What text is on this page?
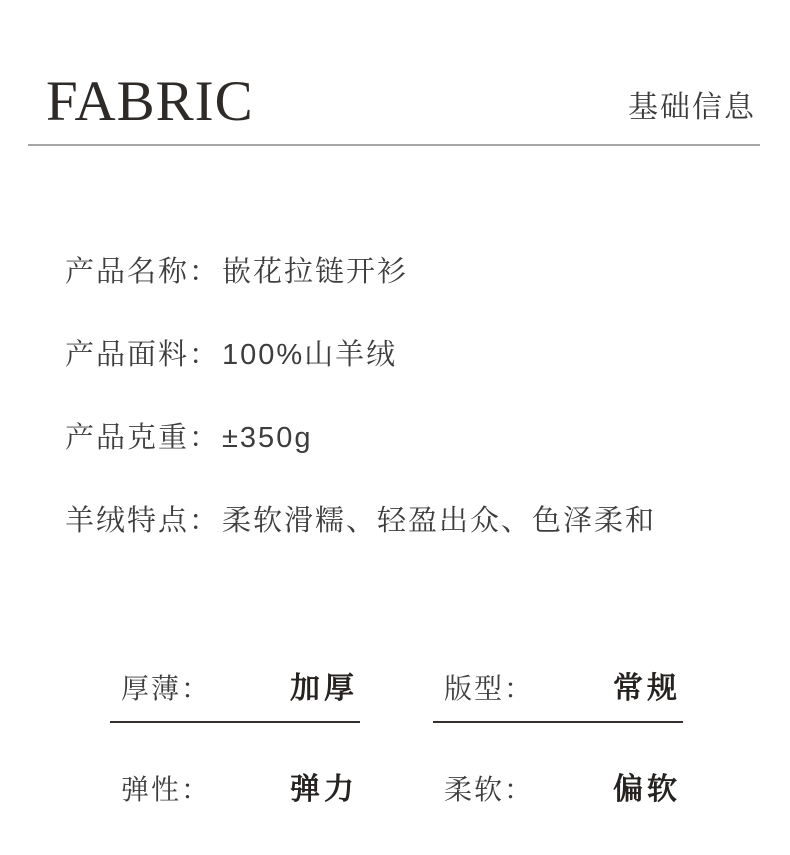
FABRIC	基础信息
产品名称： 嵌花拉链开衫
产品面料： 100%山羊绒
产品克重： ±350g
羊绒特点： 柔软滑糯、轻盈出众、色泽柔和
厚薄：	加厚	版型：	常规
弹性：	弹力	柔软：	偏软
